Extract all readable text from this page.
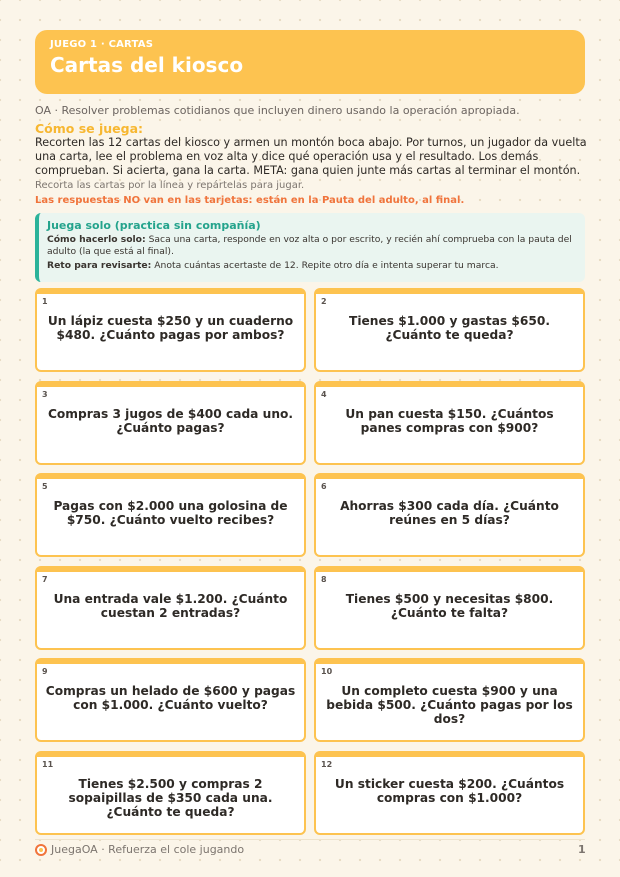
JUEGO 1 · CARTAS
Cartas del kiosco
OA · Resolver problemas cotidianos que incluyen dinero usando la operación apropiada.
Cómo se juega:
Recorten las 12 cartas del kiosco y armen un montón boca abajo. Por turnos, un jugador da vuelta una carta, lee el problema en voz alta y dice qué operación usa y el resultado. Los demás comprueban. Si acierta, gana la carta. META: gana quien junte más cartas al terminar el montón.
Recorta las cartas por la línea y repártelas para jugar.
Las respuestas NO van en las tarjetas: están en la Pauta del adulto, al final.
Juega solo (practica sin compañía)

Cómo hacerlo solo: Saca una carta, responde en voz alta o por escrito, y recién ahí comprueba con la pauta del adulto (la que está al final).

Reto para revisarte: Anota cuántas acertaste de 12. Repite otro día e intenta superar tu marca.

1
Un lápiz cuesta $250 y un cuaderno $480. ¿Cuánto pagas por ambos?
2
Tienes $1.000 y gastas $650. ¿Cuánto te queda?
3
Compras 3 jugos de $400 cada uno. ¿Cuánto pagas?
4
Un pan cuesta $150. ¿Cuántos panes compras con $900?
5
Pagas con $2.000 una golosina de $750. ¿Cuánto vuelto recibes?
6
Ahorras $300 cada día. ¿Cuánto reúnes en 5 días?
7
Una entrada vale $1.200. ¿Cuánto cuestan 2 entradas?
8
Tienes $500 y necesitas $800. ¿Cuánto te falta?
9
Compras un helado de $600 y pagas con $1.000. ¿Cuánto vuelto?
10
Un completo cuesta $900 y una bebida $500. ¿Cuánto pagas por los dos?
11
Tienes $2.500 y compras 2 sopaipillas de $350 cada una. ¿Cuánto te queda?
12
Un sticker cuesta $200. ¿Cuántos compras con $1.000?
JuegaOA · Refuerza el cole jugando	1
